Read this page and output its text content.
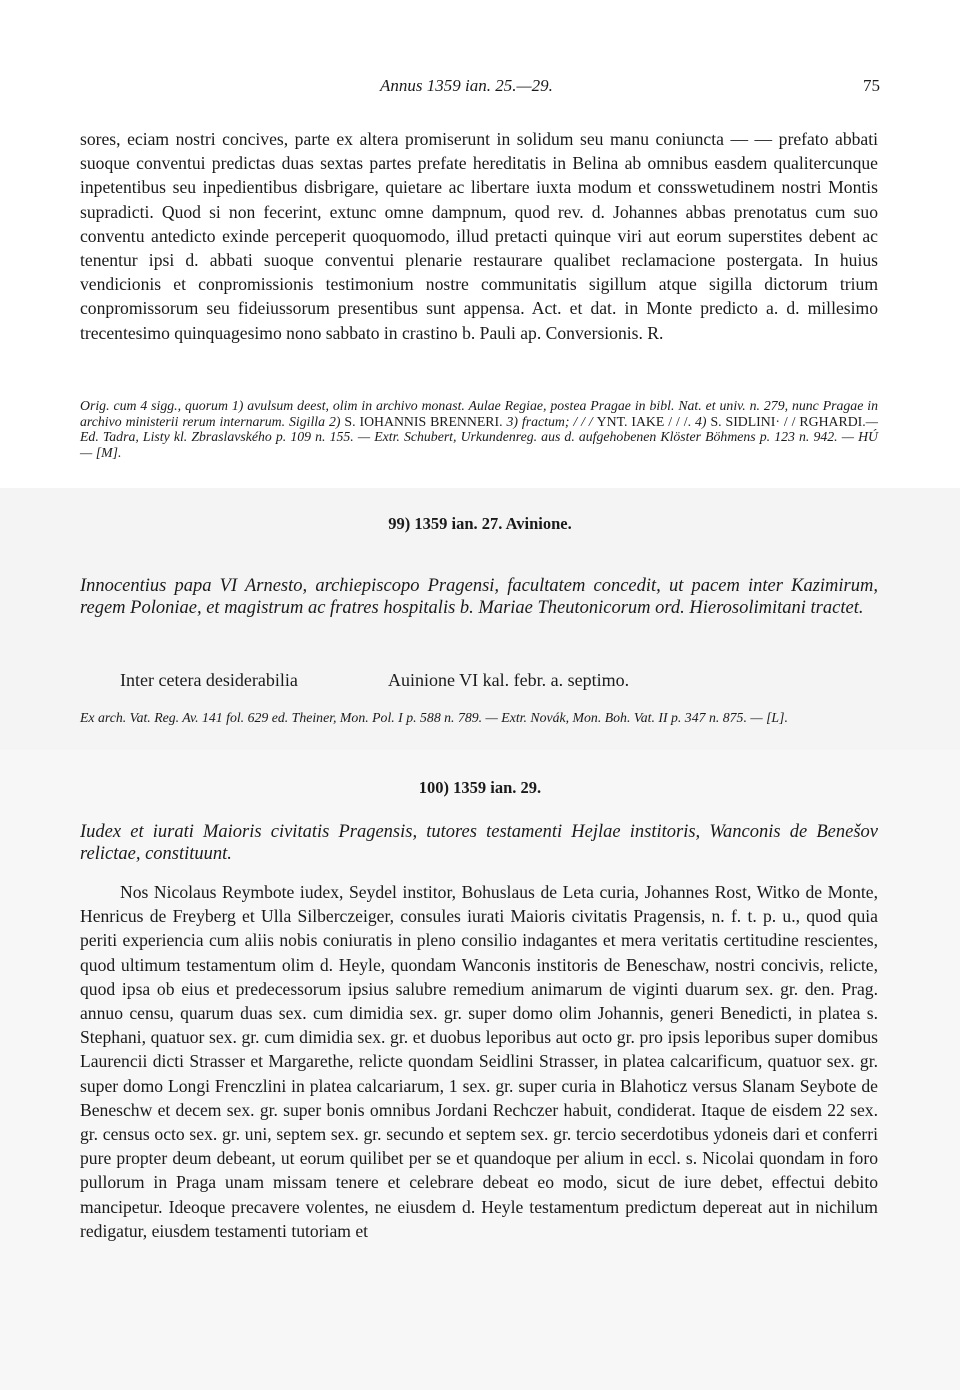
Annus 1359 ian. 25.—29.	75

sores, eciam nostri concives, parte ex altera promiserunt in solidum seu manu coniuncta — — prefato abbati suoque conventui predictas duas sextas partes prefate hereditatis in Belina ab omnibus easdem qualitercunque inpetentibus seu inpedientibus disbrigare, quietare ac libertare iuxta modum et consswetudinem nostri Montis supradicti. Quod si non fecerint, extunc omne dampnum, quod rev. d. Johannes abbas prenotatus cum suo conventu antedicto exinde perceperit quoquomodo, illud pretacti quinque viri aut eorum superstites debent ac tenentur ipsi d. abbati suoque conventui plenarie restaurare qualibet reclamacione postergata. In huius vendicionis et conpromissionis testimonium nostre communitatis sigillum atque sigilla dictorum trium conpromissorum seu fideiussorum presentibus sunt appensa. Act. et dat. in Monte predicto a. d. millesimo trecentesimo quinquagesimo nono sabbato in crastino b. Pauli ap. Conversionis. R.

Orig. cum 4 sigg., quorum 1) avulsum deest, olim in archivo monast. Aulae Regiae, postea Pragae in bibl. Nat. et univ. n. 279, nunc Pragae in archivo ministerii rerum internarum. Sigilla 2) S. IOHANNIS BRENNERI. 3) fractum; / / / YNT. IAKE / / /. 4) S. SIDLINI· / / RGHARDI.— Ed. Tadra, Listy kl. Zbraslavského p. 109 n. 155. — Extr. Schubert, Urkundenreg. aus d. aufgehobenen Klöster Böhmens p. 123 n. 942. — HÚ — [M].

99) 1359 ian. 27. Avinione.

Innocentius papa VI Arnesto, archiepiscopo Pragensi, facultatem concedit, ut pacem inter Kazimirum, regem Poloniae, et magistrum ac fratres hospitalis b. Mariae Theutonicorum ord. Hierosolimitani tractet.

Inter cetera desiderabilia	Auinione VI kal. febr. a. septimo.

Ex arch. Vat. Reg. Av. 141 fol. 629 ed. Theiner, Mon. Pol. I p. 588 n. 789. — Extr. Novák, Mon. Boh. Vat. II p. 347 n. 875. — [L].

100) 1359 ian. 29.

Iudex et iurati Maioris civitatis Pragensis, tutores testamenti Hejlae institoris, Wanconis de Benešov relictae, constituunt.

Nos Nicolaus Reymbote iudex, Seydel institor, Bohuslaus de Leta curia, Johannes Rost, Witko de Monte, Henricus de Freyberg et Ulla Silberczeiger, consules iurati Maioris civitatis Pragensis, n. f. t. p. u., quod quia periti experiencia cum aliis nobis coniuratis in pleno consilio indagantes et mera veritatis certitudine rescientes, quod ultimum testamentum olim d. Heyle, quondam Wanconis institoris de Beneschaw, nostri concivis, relicte, quod ipsa ob eius et predecessorum ipsius salubre remedium animarum de viginti duarum sex. gr. den. Prag. annuo censu, quarum duas sex. cum dimidia sex. gr. super domo olim Johannis, generi Benedicti, in platea s. Stephani, quatuor sex. gr. cum dimidia sex. gr. et duobus leporibus aut octo gr. pro ipsis leporibus super domibus Laurencii dicti Strasser et Margarethe, relicte quondam Seidlini Strasser, in platea calcarificum, quatuor sex. gr. super domo Longi Frenczlini in platea calcariarum, 1 sex. gr. super curia in Blahoticz versus Slanam Seybote de Beneschw et decem sex. gr. super bonis omnibus Jordani Rechczer habuit, condiderat. Itaque de eisdem 22 sex. gr. census octo sex. gr. uni, septem sex. gr. secundo et septem sex. gr. tercio secerdotibus ydoneis dari et conferri pure propter deum debeant, ut eorum quilibet per se et quandoque per alium in eccl. s. Nicolai quondam in foro pullorum in Praga unam missam tenere et celebrare debeat eo modo, sicut de iure debet, effectui debito mancipetur. Ideoque precavere volentes, ne eiusdem d. Heyle testamentum predictum depereat aut in nichilum redigatur, eiusdem testamenti tutoriam et
